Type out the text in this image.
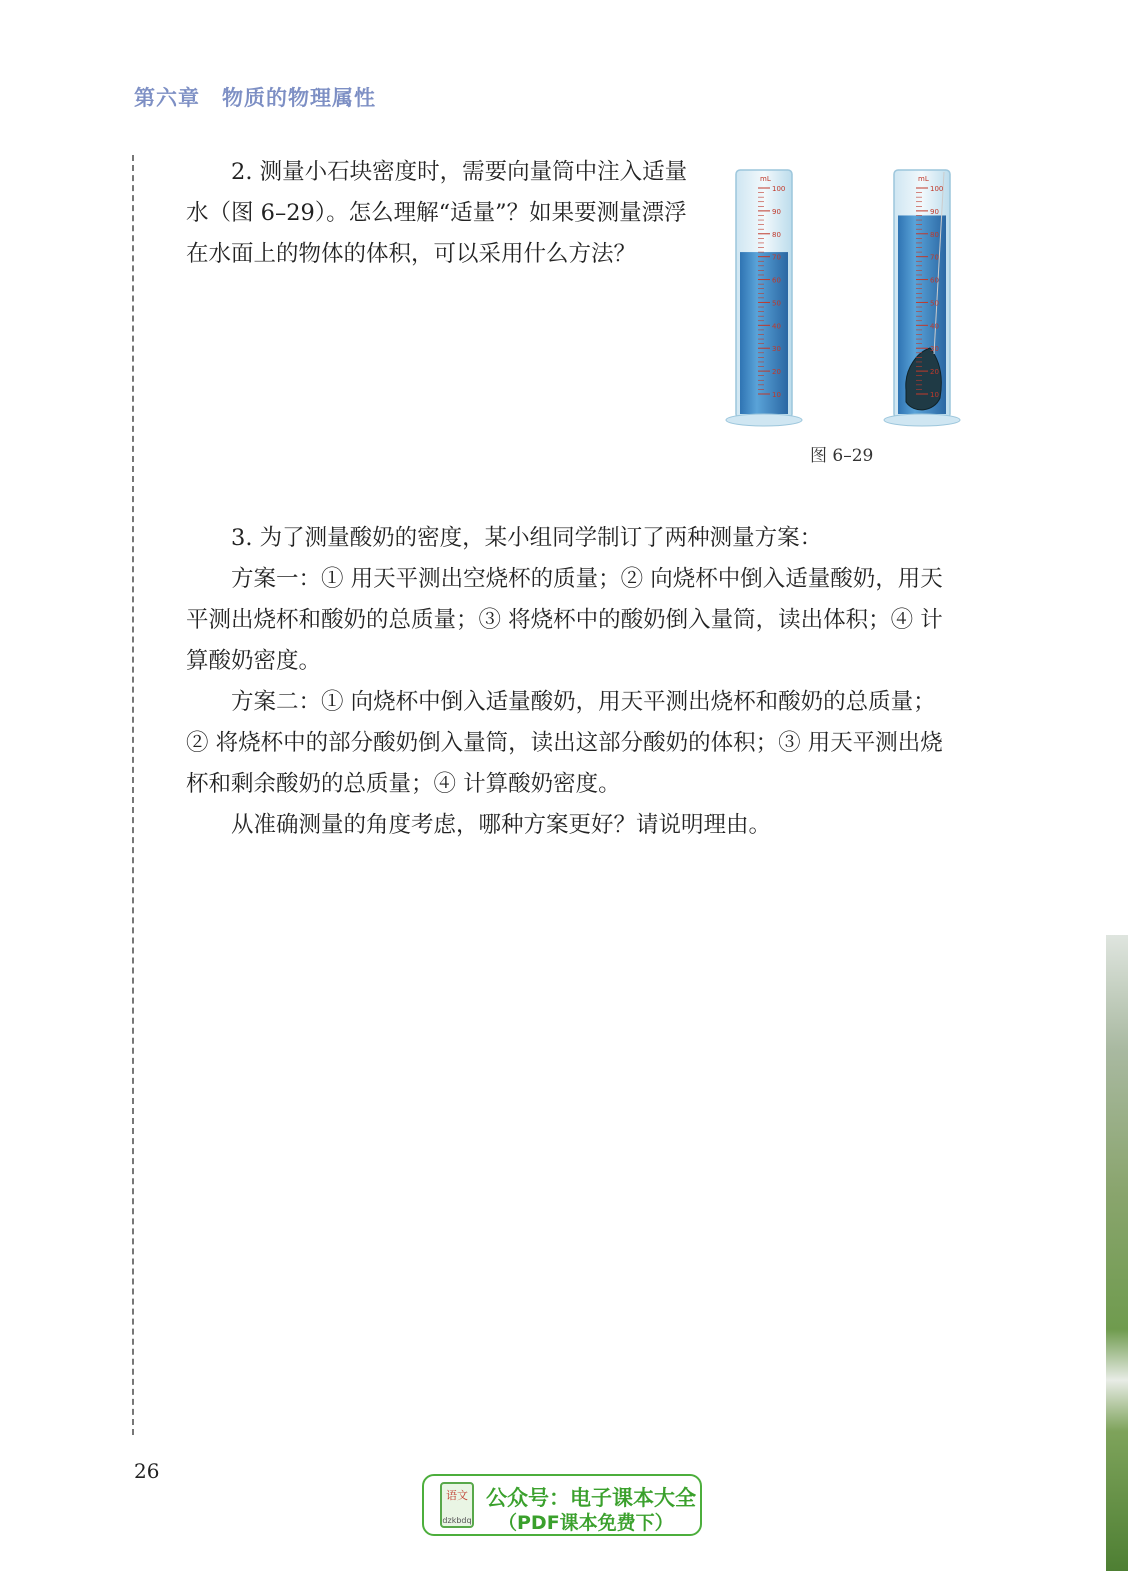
第六章　物质的物理属性

2. 测量小石块密度时，需要向量筒中注入适量水（图 6–29）。怎么理解“适量”？如果要测量漂浮在水面上的物体的体积，可以采用什么方法？

mL
100
90
80
70
60
50
40
30
20
10
mL
100
90
80
70
60
50
40
30
20
10
图 6–29

3. 为了测量酸奶的密度，某小组同学制订了两种测量方案：
方案一：① 用天平测出空烧杯的质量；② 向烧杯中倒入适量酸奶，用天平测出烧杯和酸奶的总质量；③ 将烧杯中的酸奶倒入量筒，读出体积；④ 计算酸奶密度。
方案二：① 向烧杯中倒入适量酸奶，用天平测出烧杯和酸奶的总质量；② 将烧杯中的部分酸奶倒入量筒，读出这部分酸奶的体积；③ 用天平测出烧杯和剩余酸奶的总质量；④ 计算酸奶密度。
从准确测量的角度考虑，哪种方案更好？请说明理由。

26
语文
dzkbdq
公众号：电子课本大全
（PDF课本免费下）
